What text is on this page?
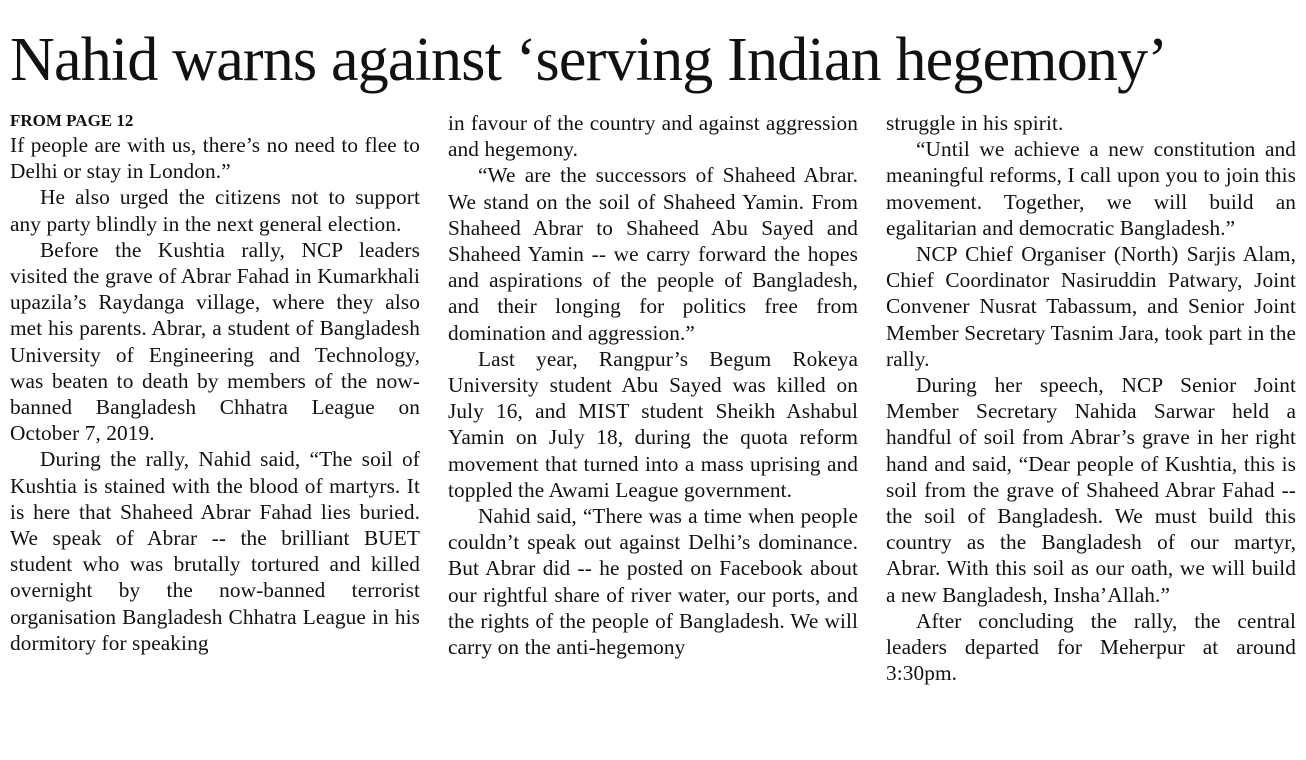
Nahid warns against ‘serving Indian hegemony’
FROM PAGE 12

If people are with us, there’s no need to flee to Delhi or stay in London.”

He also urged the citizens not to support any party blindly in the next general election.

Before the Kushtia rally, NCP leaders visited the grave of Abrar Fahad in Kumarkhali upazila’s Raydanga village, where they also met his parents. Abrar, a student of Bangladesh University of Engineering and Technology, was beaten to death by members of the now-banned Bangladesh Chhatra League on October 7, 2019.

During the rally, Nahid said, “The soil of Kushtia is stained with the blood of martyrs. It is here that Shaheed Abrar Fahad lies buried. We speak of Abrar -- the brilliant BUET student who was brutally tortured and killed overnight by the now-banned terrorist organisation Bangladesh Chhatra League in his dormitory for speaking

in favour of the country and against aggression and hegemony.

“We are the successors of Shaheed Abrar. We stand on the soil of Shaheed Yamin. From Shaheed Abrar to Shaheed Abu Sayed and Shaheed Yamin -- we carry forward the hopes and aspirations of the people of Bangladesh, and their longing for politics free from domination and aggression.”

Last year, Rangpur’s Begum Rokeya University student Abu Sayed was killed on July 16, and MIST student Sheikh Ashabul Yamin on July 18, during the quota reform movement that turned into a mass uprising and toppled the Awami League government.

Nahid said, “There was a time when people couldn’t speak out against Delhi’s dominance. But Abrar did -- he posted on Facebook about our rightful share of river water, our ports, and the rights of the people of Bangladesh. We will carry on the anti-hegemony

struggle in his spirit.

“Until we achieve a new constitution and meaningful reforms, I call upon you to join this movement. Together, we will build an egalitarian and democratic Bangladesh.”

NCP Chief Organiser (North) Sarjis Alam, Chief Coordinator Nasiruddin Patwary, Joint Convener Nusrat Tabassum, and Senior Joint Member Secretary Tasnim Jara, took part in the rally.

During her speech, NCP Senior Joint Member Secretary Nahida Sarwar held a handful of soil from Abrar’s grave in her right hand and said, “Dear people of Kushtia, this is soil from the grave of Shaheed Abrar Fahad -- the soil of Bangladesh. We must build this country as the Bangladesh of our martyr, Abrar. With this soil as our oath, we will build a new Bangladesh, Insha’Allah.”

After concluding the rally, the central leaders departed for Meherpur at around 3:30pm.
